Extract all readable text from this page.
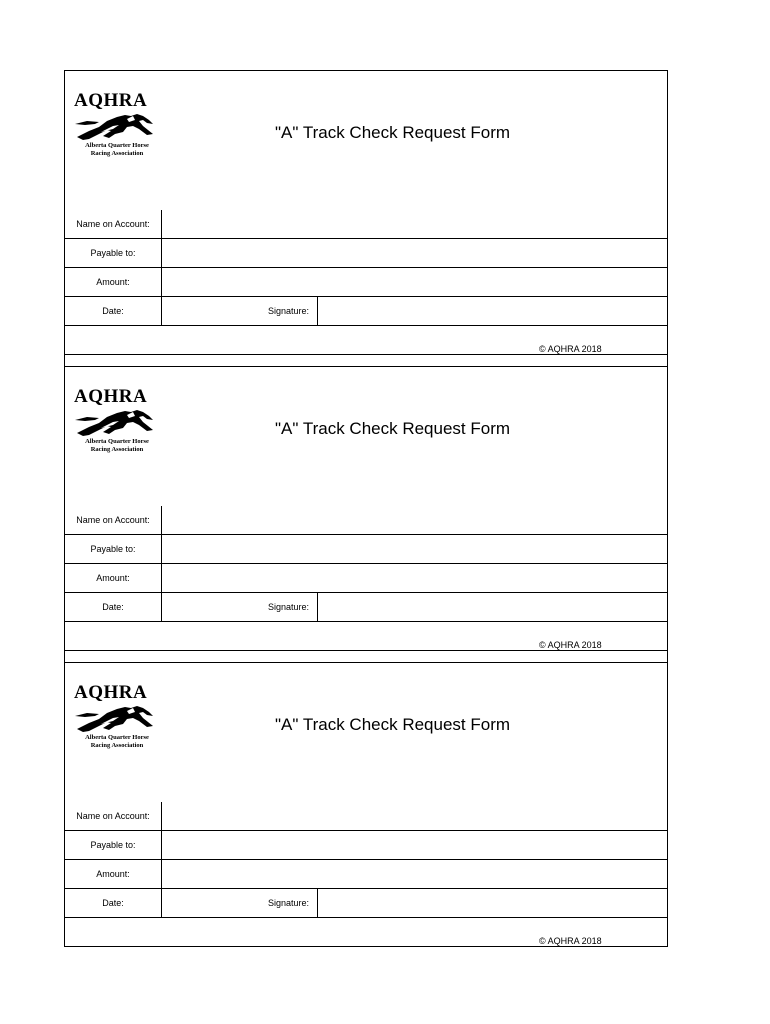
AQHRA
Alberta Quarter Horse
Racing Association
"A" Track Check Request Form
Name on Account:
Payable to:
Amount:
Date:	Signature:
© AQHRA 2018
AQHRA
Alberta Quarter Horse
Racing Association
"A" Track Check Request Form
Name on Account:
Payable to:
Amount:
Date:	Signature:
© AQHRA 2018
AQHRA
Alberta Quarter Horse
Racing Association
"A" Track Check Request Form
Name on Account:
Payable to:
Amount:
Date:	Signature:
© AQHRA 2018
